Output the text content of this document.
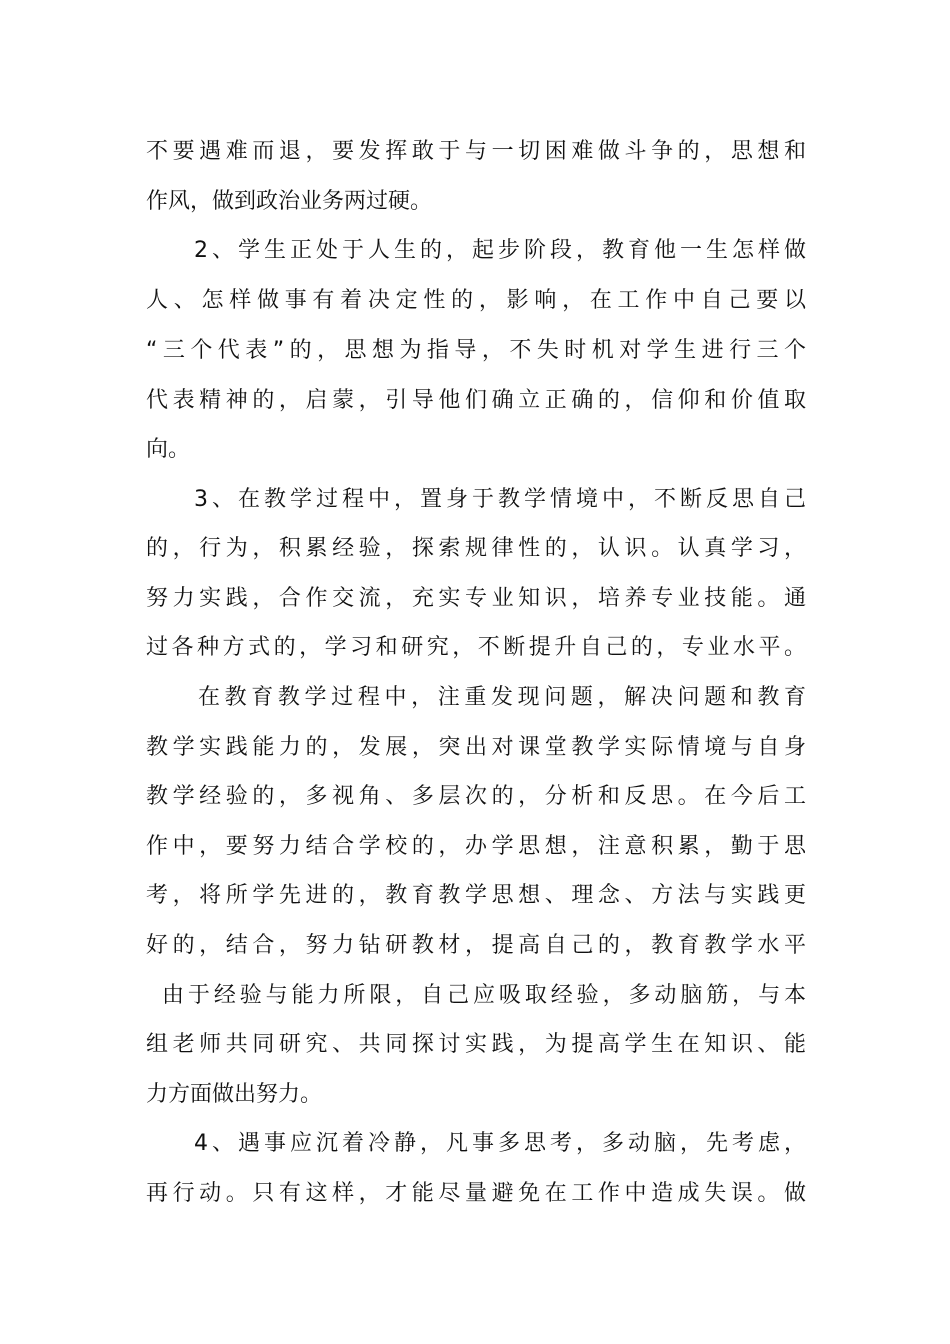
不要遇难而退，要发挥敢于与一切困难做斗争的，思想和
作风，做到政治业务两过硬。
2、学生正处于人生的，起步阶段，教育他一生怎样做
人、怎样做事有着决定性的，影响，在工作中自己要以
“三个代表”的，思想为指导，不失时机对学生进行三个
代表精神的，启蒙，引导他们确立正确的，信仰和价值取
向。
3、在教学过程中，置身于教学情境中，不断反思自己
的，行为，积累经验，探索规律性的，认识。认真学习，
努力实践，合作交流，充实专业知识，培养专业技能。通
过各种方式的，学习和研究，不断提升自己的，专业水平。
在教育教学过程中，注重发现问题，解决问题和教育
教学实践能力的，发展，突出对课堂教学实际情境与自身
教学经验的，多视角、多层次的，分析和反思。在今后工
作中，要努力结合学校的，办学思想，注意积累，勤于思
考，将所学先进的，教育教学思想、理念、方法与实践更
好的，结合，努力钻研教材，提高自己的，教育教学水平
由于经验与能力所限，自己应吸取经验，多动脑筋，与本
组老师共同研究、共同探讨实践，为提高学生在知识、能
力方面做出努力。
4、遇事应沉着冷静，凡事多思考，多动脑，先考虑，
再行动。只有这样，才能尽量避免在工作中造成失误。做
